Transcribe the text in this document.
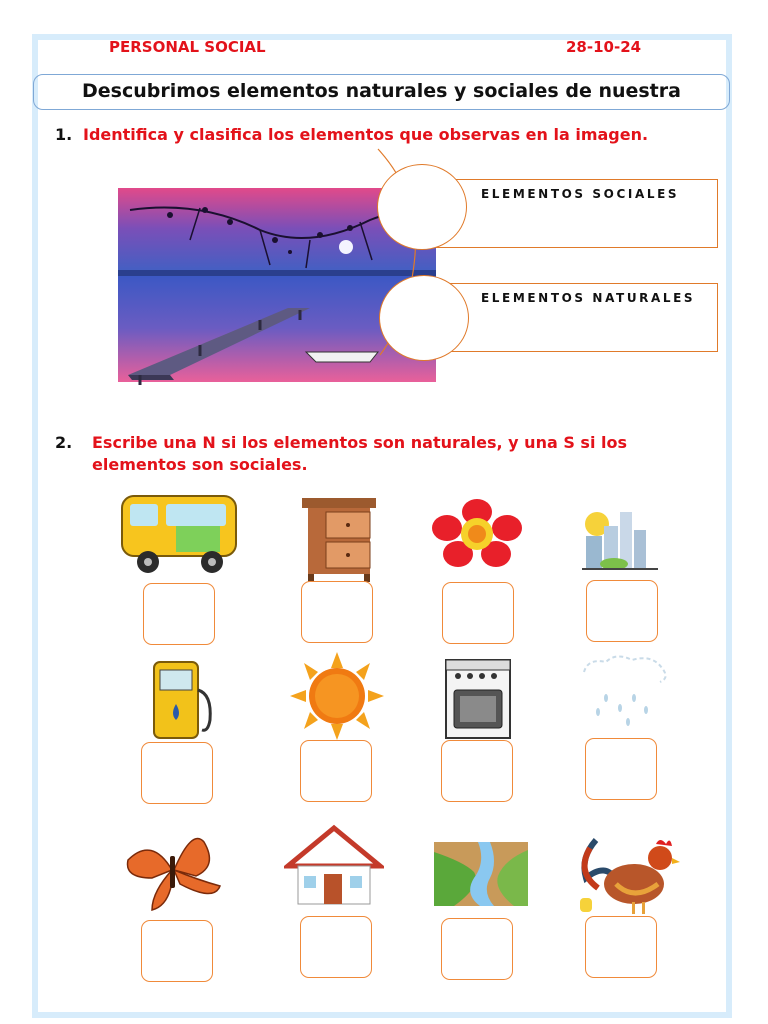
PERSONAL SOCIAL	28-10-24
Descubrimos elementos naturales y sociales de nuestra
1. Identifica y clasifica los elementos que observas en la imagen.
ELEMENTOS SOCIALES
ELEMENTOS NATURALES
2. Escribe una N si los elementos son naturales, y una S si los elementos son sociales.
